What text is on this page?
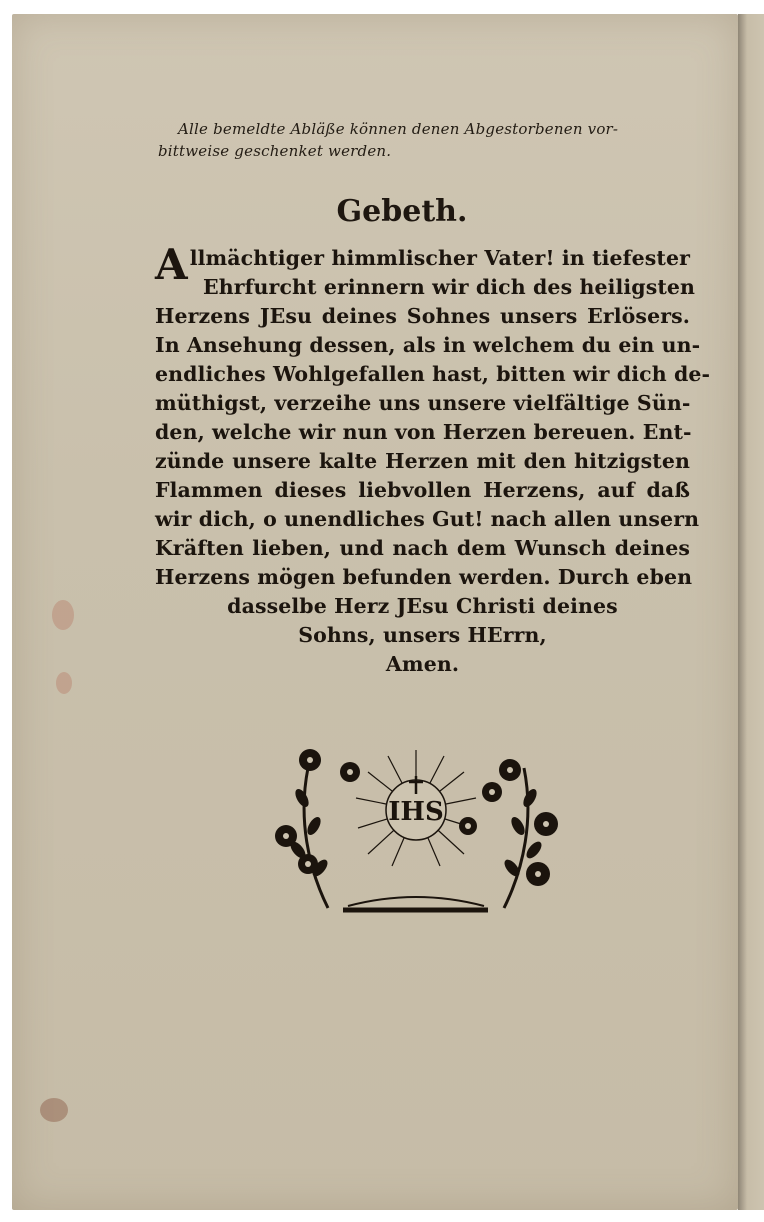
Alle bemeldte Abläße können denen Abgestorbenen vor-
bittweise geschenket werden.
Gebeth.
A llmächtiger himmlischer Vater! in tiefester
Ehrfurcht erinnern wir dich des heiligsten
Herzens JEsu deines Sohnes unsers Erlösers.
In Ansehung dessen, als in welchem du ein un-
endliches Wohlgefallen hast, bitten wir dich de-
müthigst, verzeihe uns unsere vielfältige Sün-
den, welche wir nun von Herzen bereuen. Ent-
zünde unsere kalte Herzen mit den hitzigsten
Flammen dieses liebvollen Herzens, auf daß
wir dich, o unendliches Gut! nach allen unsern
Kräften lieben, und nach dem Wunsch deines
Herzens mögen befunden werden. Durch eben
dasselbe Herz JEsu Christi deines
Sohns, unsers HErrn,
Amen.
IHS
